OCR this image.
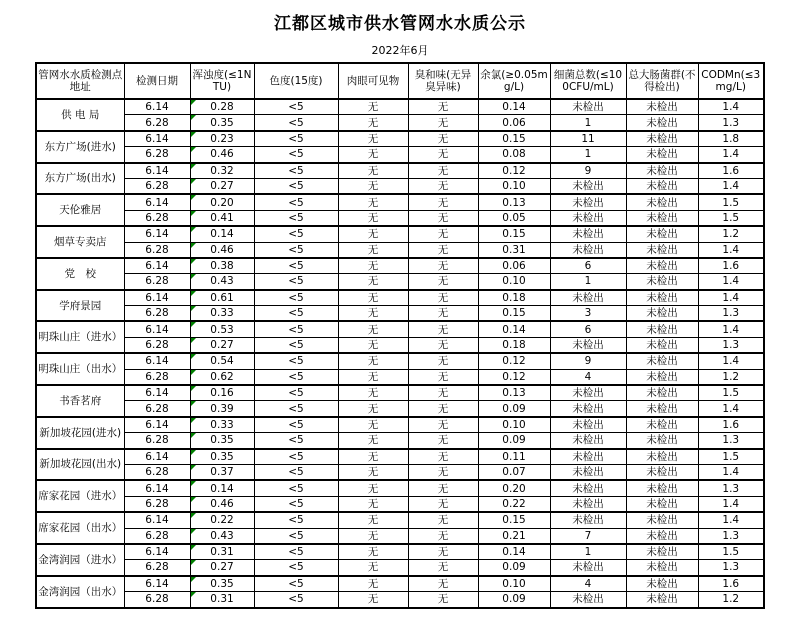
江都区城市供水管网水水质公示
2022年6月
管网水水质检测点地址	检测日期	浑浊度(≤1NTU)	色度(15度)	肉眼可见物	臭和味(无异臭异味)	余氯(≥0.05mg/L)	细菌总数(≤100CFU/mL)	总大肠菌群(不得检出)	CODMn(≤3mg/L)
供 电 局	6.14	0.28	<5	无	无	0.14	未检出	未检出	1.4
	6.28	0.35	<5	无	无	0.06	1	未检出	1.3
东方广场(进水)	6.14	0.23	<5	无	无	0.15	11	未检出	1.8
	6.28	0.46	<5	无	无	0.08	1	未检出	1.4
东方广场(出水)	6.14	0.32	<5	无	无	0.12	9	未检出	1.6
	6.28	0.27	<5	无	无	0.10	未检出	未检出	1.4
天伦雅居	6.14	0.20	<5	无	无	0.13	未检出	未检出	1.5
	6.28	0.41	<5	无	无	0.05	未检出	未检出	1.5
烟草专卖店	6.14	0.14	<5	无	无	0.15	未检出	未检出	1.2
	6.28	0.46	<5	无	无	0.31	未检出	未检出	1.4
党　校	6.14	0.38	<5	无	无	0.06	6	未检出	1.6
	6.28	0.43	<5	无	无	0.10	1	未检出	1.4
学府景园	6.14	0.61	<5	无	无	0.18	未检出	未检出	1.4
	6.28	0.33	<5	无	无	0.15	3	未检出	1.3
明珠山庄（进水）	6.14	0.53	<5	无	无	0.14	6	未检出	1.4
	6.28	0.27	<5	无	无	0.18	未检出	未检出	1.3
明珠山庄（出水）	6.14	0.54	<5	无	无	0.12	9	未检出	1.4
	6.28	0.62	<5	无	无	0.12	4	未检出	1.2
书香茗府	6.14	0.16	<5	无	无	0.13	未检出	未检出	1.5
	6.28	0.39	<5	无	无	0.09	未检出	未检出	1.4
新加坡花园(进水)	6.14	0.33	<5	无	无	0.10	未检出	未检出	1.6
	6.28	0.35	<5	无	无	0.09	未检出	未检出	1.3
新加坡花园(出水)	6.14	0.35	<5	无	无	0.11	未检出	未检出	1.5
	6.28	0.37	<5	无	无	0.07	未检出	未检出	1.4
席家花园（进水）	6.14	0.14	<5	无	无	0.20	未检出	未检出	1.3
	6.28	0.46	<5	无	无	0.22	未检出	未检出	1.4
席家花园（出水）	6.14	0.22	<5	无	无	0.15	未检出	未检出	1.4
	6.28	0.43	<5	无	无	0.21	7	未检出	1.3
金湾润园（进水）	6.14	0.31	<5	无	无	0.14	1	未检出	1.5
	6.28	0.27	<5	无	无	0.09	未检出	未检出	1.3
金湾润园（出水）	6.14	0.35	<5	无	无	0.10	4	未检出	1.6
	6.28	0.31	<5	无	无	0.09	未检出	未检出	1.2
